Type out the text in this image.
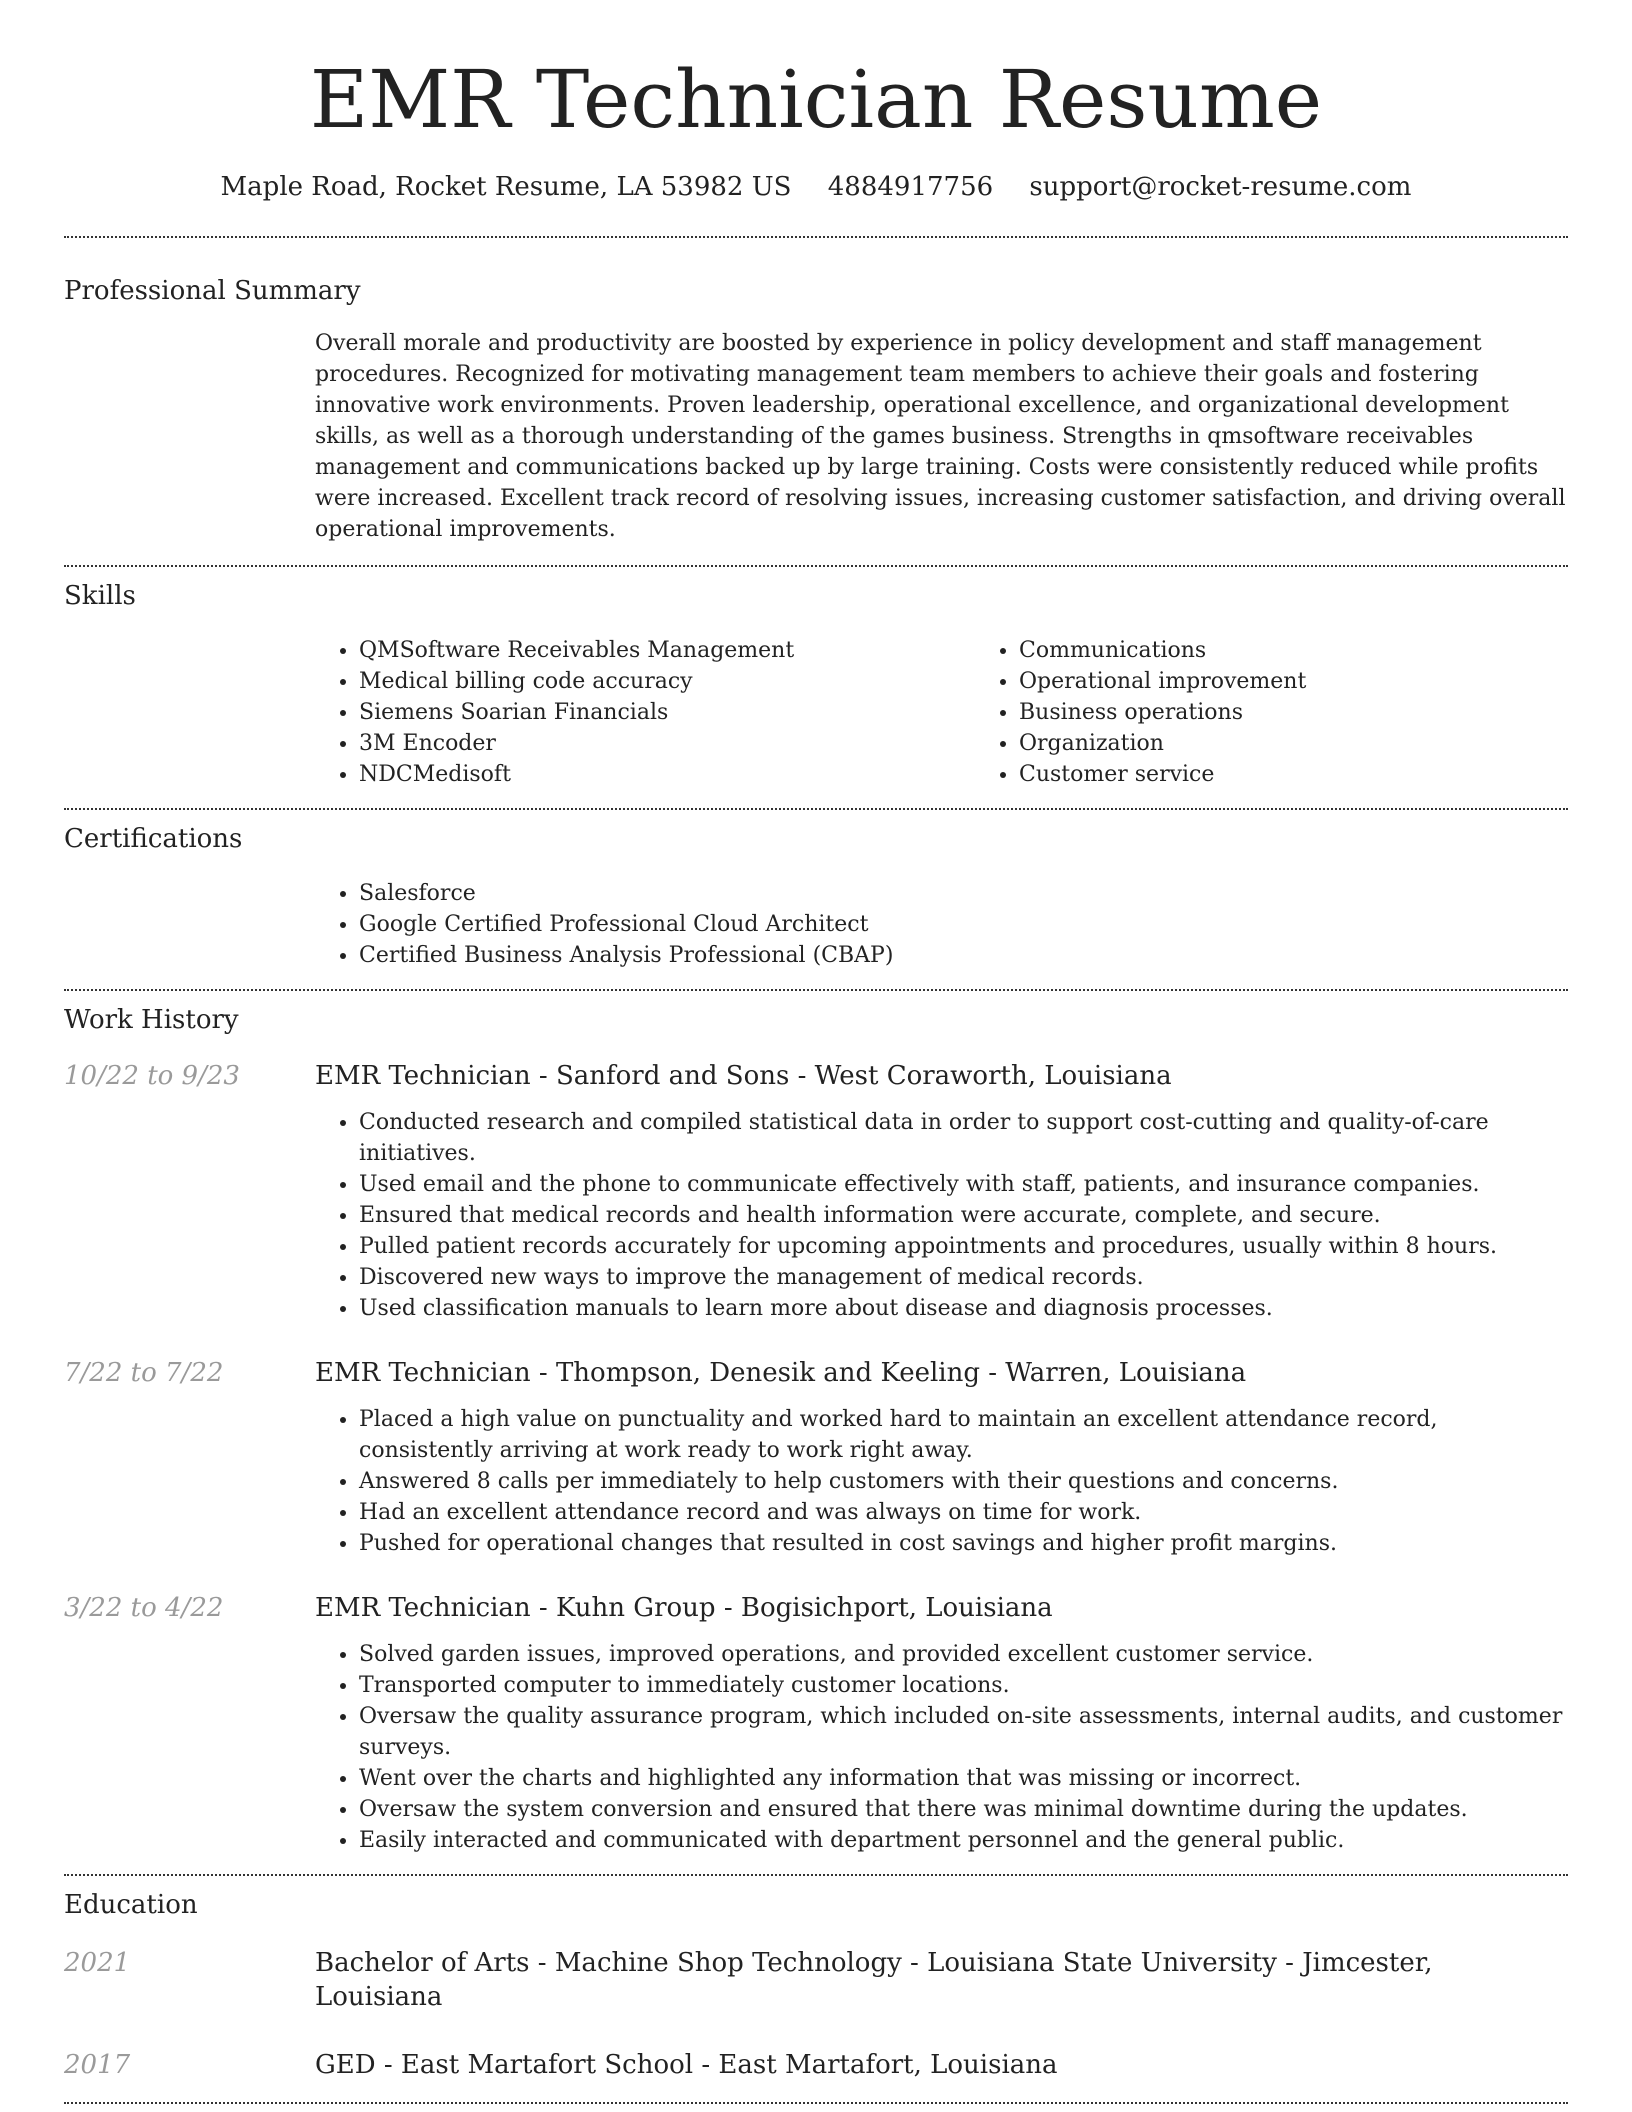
EMR Technician Resume
Maple Road, Rocket Resume, LA 53982 US 4884917756 support@rocket-resume.com
Professional Summary

Overall morale and productivity are boosted by experience in policy development and staff management procedures. Recognized for motivating management team members to achieve their goals and fostering innovative work environments. Proven leadership, operational excellence, and organizational development skills, as well as a thorough understanding of the games business. Strengths in qmsoftware receivables management and communications backed up by large training. Costs were consistently reduced while profits were increased. Excellent track record of resolving issues, increasing customer satisfaction, and driving overall operational improvements.

Skills
• QMSoftware Receivables Management
• Medical billing code accuracy
• Siemens Soarian Financials
• 3M Encoder
• NDCMedisoft
• Communications
• Operational improvement
• Business operations
• Organization
• Customer service
Certifications
• Salesforce
• Google Certified Professional Cloud Architect
• Certified Business Analysis Professional (CBAP)
Work History
10/22 to 9/23	EMR Technician - Sanford and Sons - West Coraworth, Louisiana
• Conducted research and compiled statistical data in order to support cost-cutting and quality-of-care initiatives.
• Used email and the phone to communicate effectively with staff, patients, and insurance companies.
• Ensured that medical records and health information were accurate, complete, and secure.
• Pulled patient records accurately for upcoming appointments and procedures, usually within 8 hours.
• Discovered new ways to improve the management of medical records.
• Used classification manuals to learn more about disease and diagnosis processes.
7/22 to 7/22	EMR Technician - Thompson, Denesik and Keeling - Warren, Louisiana
• Placed a high value on punctuality and worked hard to maintain an excellent attendance record, consistently arriving at work ready to work right away.
• Answered 8 calls per immediately to help customers with their questions and concerns.
• Had an excellent attendance record and was always on time for work.
• Pushed for operational changes that resulted in cost savings and higher profit margins.
3/22 to 4/22	EMR Technician - Kuhn Group - Bogisichport, Louisiana
• Solved garden issues, improved operations, and provided excellent customer service.
• Transported computer to immediately customer locations.
• Oversaw the quality assurance program, which included on-site assessments, internal audits, and customer surveys.
• Went over the charts and highlighted any information that was missing or incorrect.
• Oversaw the system conversion and ensured that there was minimal downtime during the updates.
• Easily interacted and communicated with department personnel and the general public.
Education
2021	Bachelor of Arts - Machine Shop Technology - Louisiana State University - Jimcester, Louisiana
2017	GED - East Martafort School - East Martafort, Louisiana
